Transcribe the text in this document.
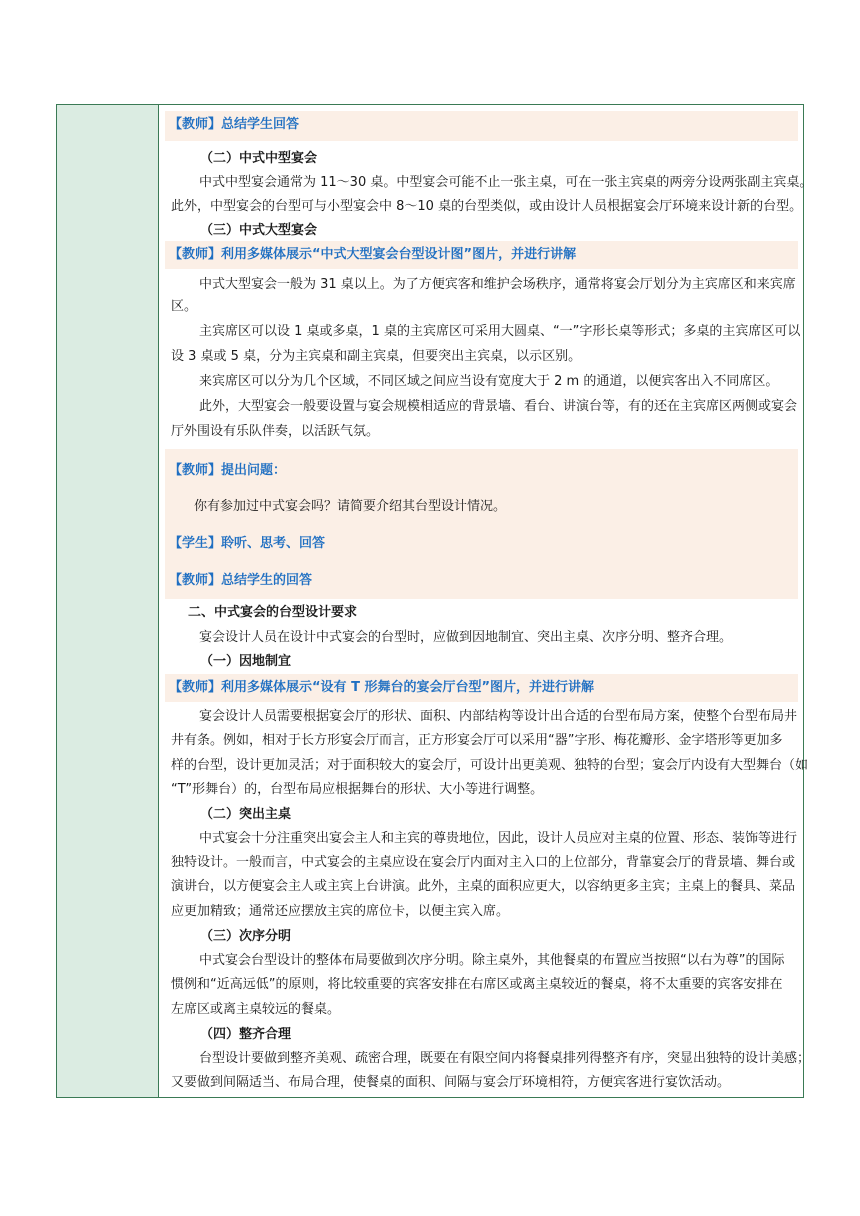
【教师】总结学生回答
（二）中式中型宴会
中式中型宴会通常为 11～30 桌。中型宴会可能不止一张主桌，可在一张主宾桌的两旁分设两张副主宾桌。
此外，中型宴会的台型可与小型宴会中 8～10 桌的台型类似，或由设计人员根据宴会厅环境来设计新的台型。
（三）中式大型宴会
【教师】利用多媒体展示“中式大型宴会台型设计图”图片，并进行讲解
中式大型宴会一般为 31 桌以上。为了方便宾客和维护会场秩序，通常将宴会厅划分为主宾席区和来宾席
区。
主宾席区可以设 1 桌或多桌，1 桌的主宾席区可采用大圆桌、“一”字形长桌等形式；多桌的主宾席区可以
设 3 桌或 5 桌，分为主宾桌和副主宾桌，但要突出主宾桌，以示区别。
来宾席区可以分为几个区域，不同区域之间应当设有宽度大于 2 m 的通道，以便宾客出入不同席区。
此外，大型宴会一般要设置与宴会规模相适应的背景墙、看台、讲演台等，有的还在主宾席区两侧或宴会
厅外围设有乐队伴奏，以活跃气氛。
【教师】提出问题：
你有参加过中式宴会吗？请简要介绍其台型设计情况。
【学生】聆听、思考、回答
【教师】总结学生的回答
二、中式宴会的台型设计要求
宴会设计人员在设计中式宴会的台型时，应做到因地制宜、突出主桌、次序分明、整齐合理。
（一）因地制宜
【教师】利用多媒体展示“设有 T 形舞台的宴会厅台型”图片，并进行讲解
宴会设计人员需要根据宴会厅的形状、面积、内部结构等设计出合适的台型布局方案，使整个台型布局井
井有条。例如，相对于长方形宴会厅而言，正方形宴会厅可以采用“器”字形、梅花瓣形、金字塔形等更加多
样的台型，设计更加灵活；对于面积较大的宴会厅，可设计出更美观、独特的台型；宴会厅内设有大型舞台（如
“T”形舞台）的，台型布局应根据舞台的形状、大小等进行调整。
（二）突出主桌
中式宴会十分注重突出宴会主人和主宾的尊贵地位，因此，设计人员应对主桌的位置、形态、装饰等进行
独特设计。一般而言，中式宴会的主桌应设在宴会厅内面对主入口的上位部分，背靠宴会厅的背景墙、舞台或
演讲台，以方便宴会主人或主宾上台讲演。此外，主桌的面积应更大，以容纳更多主宾；主桌上的餐具、菜品
应更加精致；通常还应摆放主宾的席位卡，以便主宾入席。
（三）次序分明
中式宴会台型设计的整体布局要做到次序分明。除主桌外，其他餐桌的布置应当按照“以右为尊”的国际
惯例和“近高远低”的原则，将比较重要的宾客安排在右席区或离主桌较近的餐桌，将不太重要的宾客安排在
左席区或离主桌较远的餐桌。
（四）整齐合理
台型设计要做到整齐美观、疏密合理，既要在有限空间内将餐桌排列得整齐有序，突显出独特的设计美感；
又要做到间隔适当、布局合理，使餐桌的面积、间隔与宴会厅环境相符，方便宾客进行宴饮活动。
